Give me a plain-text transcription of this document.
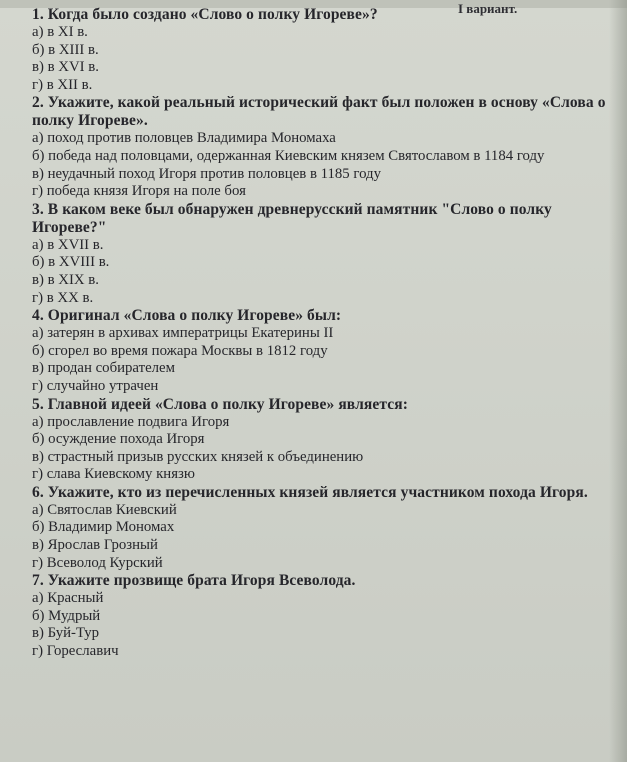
I вариант.

1. Когда было создано «Слово о полку Игореве»?

а) в XI в.

б) в XIII в.

в) в XVI в.

г) в XII в.

2. Укажите, какой реальный исторический факт был положен в основу «Слова о полку Игореве».

а) поход против половцев Владимира Мономаха

б) победа над половцами, одержанная Киевским князем Святославом в 1184 году

в) неудачный поход Игоря против половцев в 1185 году

г) победа князя Игоря на поле боя

3. В каком веке был обнаружен древнерусский памятник "Слово о полку Игореве?"

а) в XVII в.

б) в XVIII в.

в) в XIX в.

г) в XX в.

4. Оригинал «Слова о полку Игореве» был:

а) затерян в архивах императрицы Екатерины II

б) сгорел во время пожара Москвы в 1812 году

в) продан собирателем

г) случайно утрачен

5. Главной идеей «Слова о полку Игореве» является:

а) прославление подвига Игоря

б) осуждение похода Игоря

в) страстный призыв русских князей к объединению

г) слава Киевскому князю

6. Укажите, кто из перечисленных князей является участником похода Игоря.

а) Святослав Киевский

б) Владимир Мономах

в) Ярослав Грозный

г) Всеволод Курский

7. Укажите прозвище брата Игоря Всеволода.

а) Красный

б) Мудрый

в) Буй-Тур

г) Гореславич
